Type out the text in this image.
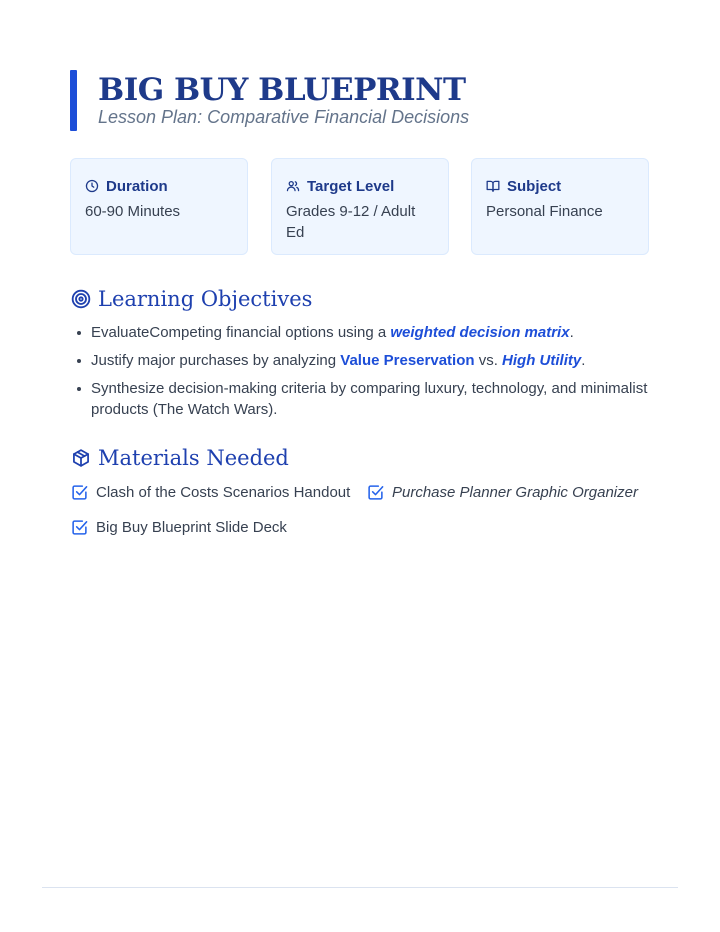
BIG BUY BLUEPRINT
Lesson Plan: Comparative Financial Decisions
Duration
60-90 Minutes
Target Level
Grades 9-12 / Adult Ed
Subject
Personal Finance
Learning Objectives
EvaluateCompeting financial options using a weighted decision matrix.
Justify major purchases by analyzing Value Preservation vs. High Utility.
Synthesize decision-making criteria by comparing luxury, technology, and minimalist products (The Watch Wars).
Materials Needed
Clash of the Costs Scenarios Handout	Purchase Planner Graphic Organizer
Big Buy Blueprint Slide Deck
